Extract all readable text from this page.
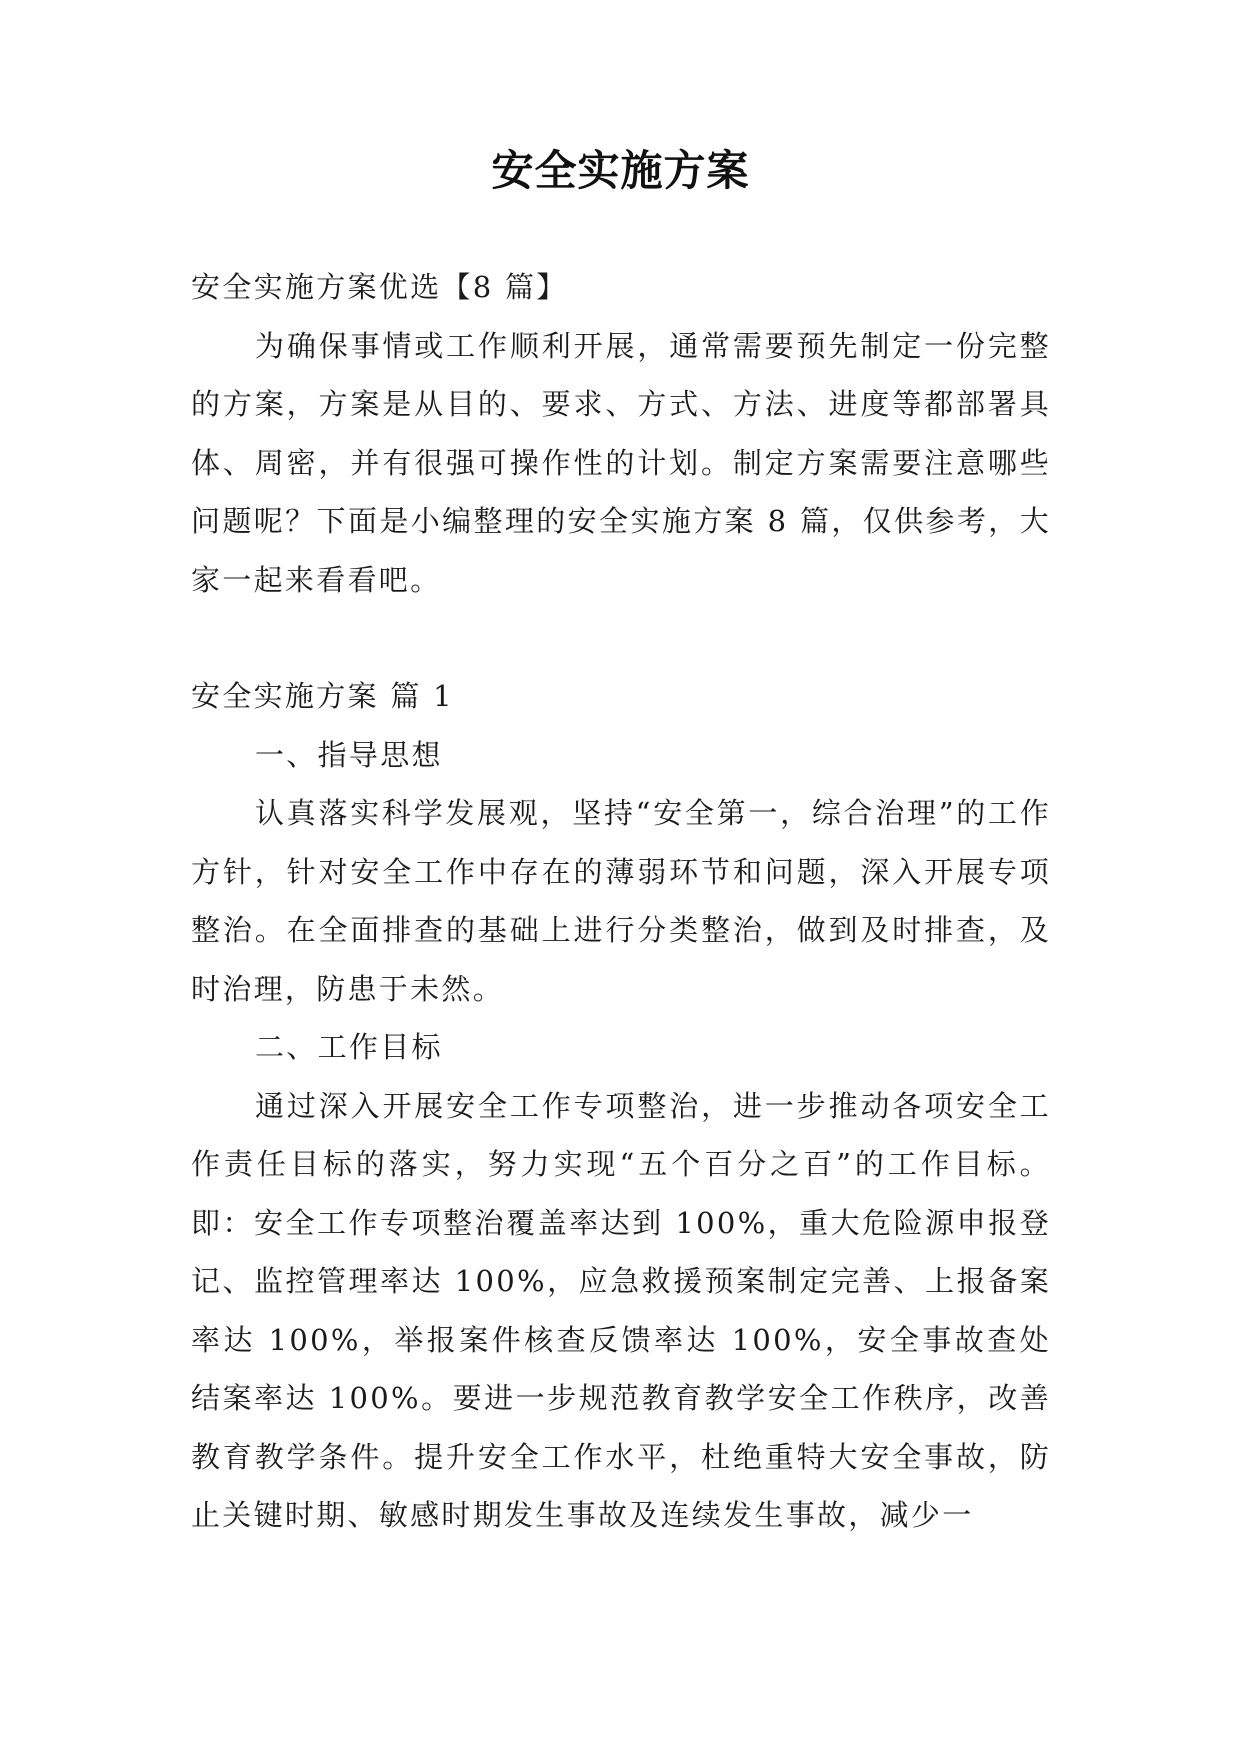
安全实施方案

安全实施方案优选【8 篇】

为确保事情或工作顺利开展，通常需要预先制定一份完整的方案，方案是从目的、要求、方式、方法、进度等都部署具体、周密，并有很强可操作性的计划。制定方案需要注意哪些问题呢？下面是小编整理的安全实施方案 8 篇，仅供参考，大家一起来看看吧。

安全实施方案 篇 1

一、指导思想

认真落实科学发展观，坚持“安全第一，综合治理”的工作方针，针对安全工作中存在的薄弱环节和问题，深入开展专项整治。在全面排查的基础上进行分类整治，做到及时排查，及时治理，防患于未然。

二、工作目标

通过深入开展安全工作专项整治，进一步推动各项安全工作责任目标的落实，努力实现“五个百分之百”的工作目标。即：安全工作专项整治覆盖率达到 100%，重大危险源申报登记、监控管理率达 100%，应急救援预案制定完善、上报备案率达 100%，举报案件核查反馈率达 100%，安全事故查处结案率达 100%。要进一步规范教育教学安全工作秩序，改善教育教学条件。提升安全工作水平，杜绝重特大安全事故，防止关键时期、敏感时期发生事故及连续发生事故，减少一
